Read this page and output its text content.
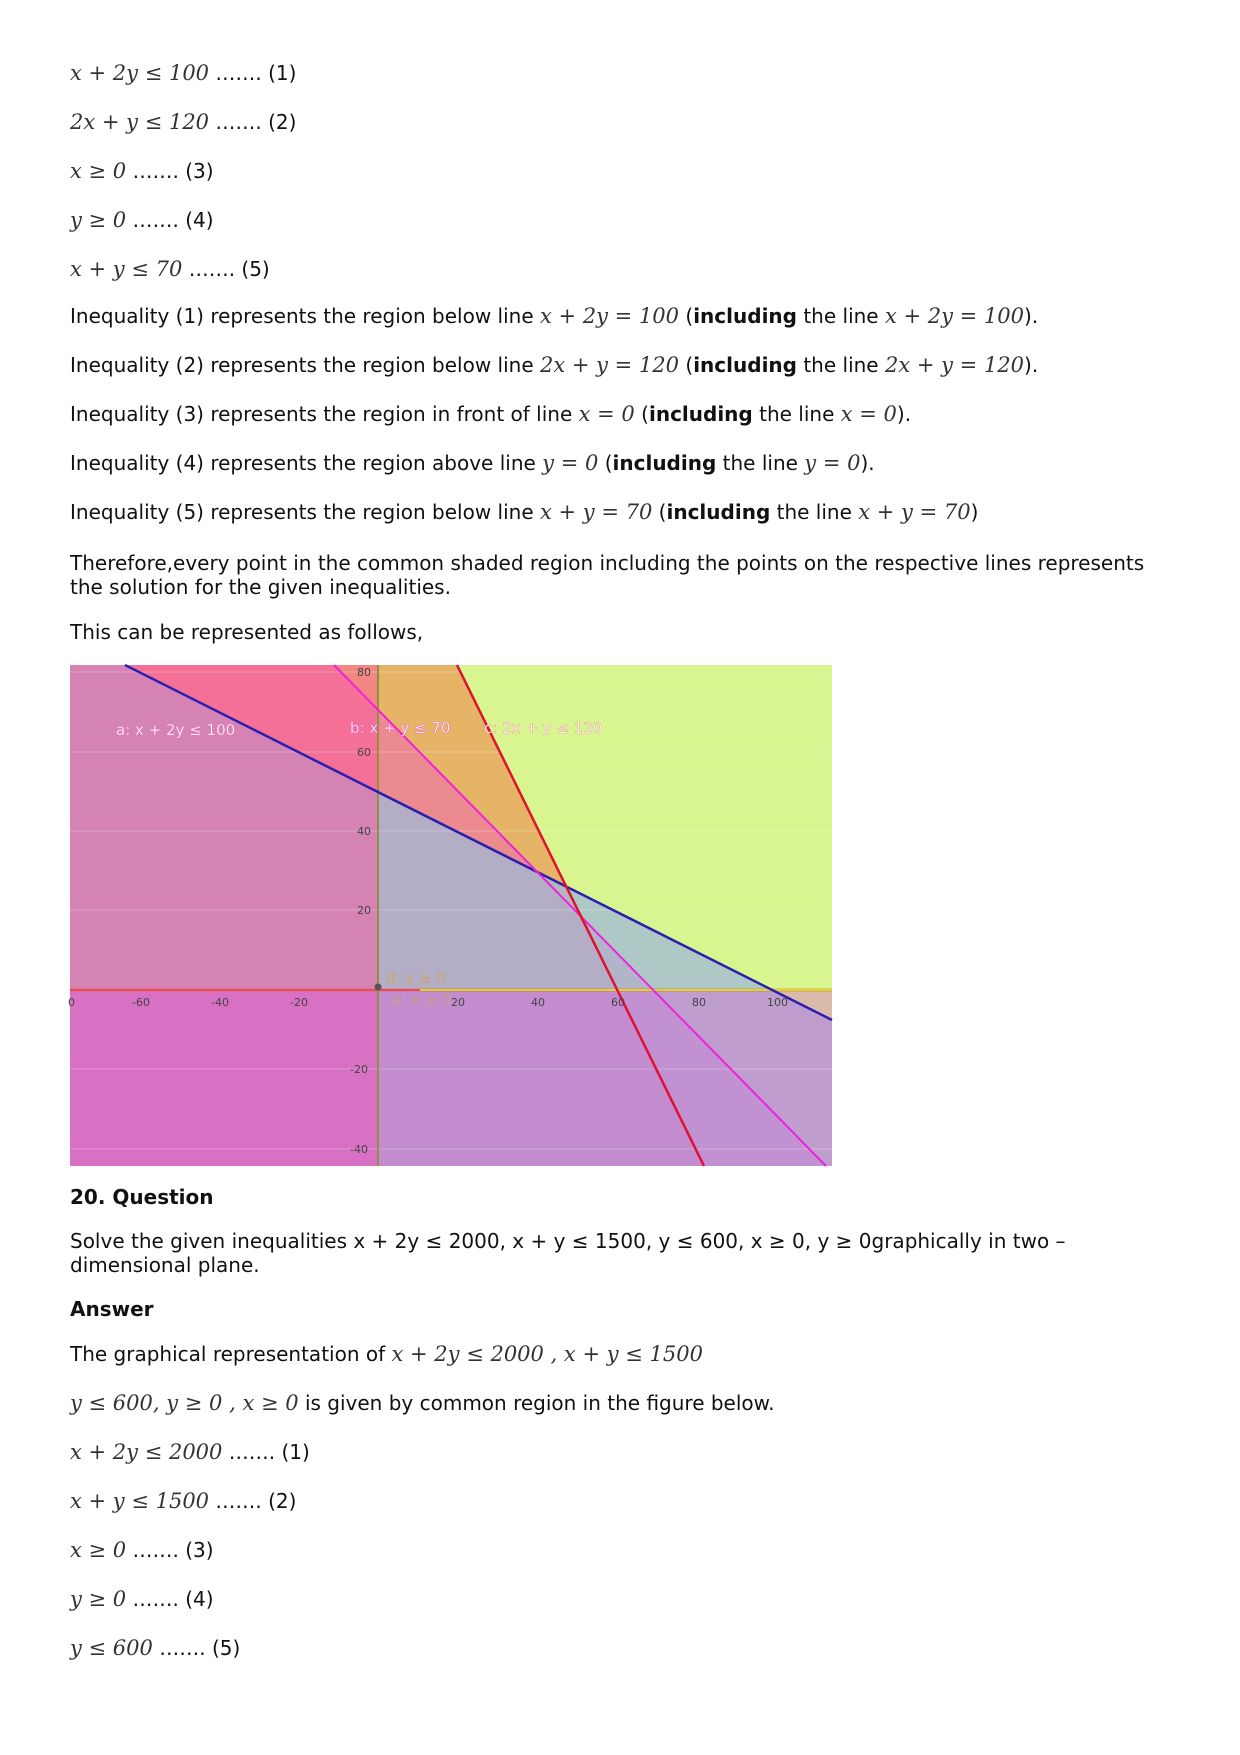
x + 2y ≤ 100 ……. (1)
2x + y ≤ 120 ……. (2)
x ≥ 0 ……. (3)
y ≥ 0 ……. (4)
x + y ≤ 70 ……. (5)
Inequality (1) represents the region below line x + 2y = 100 (including the line x + 2y = 100).
Inequality (2) represents the region below line 2x + y = 120 (including the line 2x + y = 120).
Inequality (3) represents the region in front of line x = 0 (including the line x = 0).
Inequality (4) represents the region above line y = 0 (including the line y = 0).
Inequality (5) represents the region below line x + y = 70 (including the line x + y = 70)
Therefore,every point in the common shaded region including the points on the respective lines represents the solution for the given inequalities.
This can be represented as follows,
0	-60	-40	-20	20	40	60	80	100
80
60
40
20
-20
-40
a: x + 2y ≤ 100	b: x + y ≤ 70 c: 2x + y ≤ 120
d: y ≥ 0
e: x ≥ 0
20. Question
Solve the given inequalities x + 2y ≤ 2000, x + y ≤ 1500, y ≤ 600, x ≥ 0, y ≥ 0graphically in two – dimensional plane.
Answer
The graphical representation of x + 2y ≤ 2000 , x + y ≤ 1500
y ≤ 600, y ≥ 0 , x ≥ 0 is given by common region in the figure below.
x + 2y ≤ 2000 ……. (1)
x + y ≤ 1500 ……. (2)
x ≥ 0 ……. (3)
y ≥ 0 ……. (4)
y ≤ 600 ……. (5)
